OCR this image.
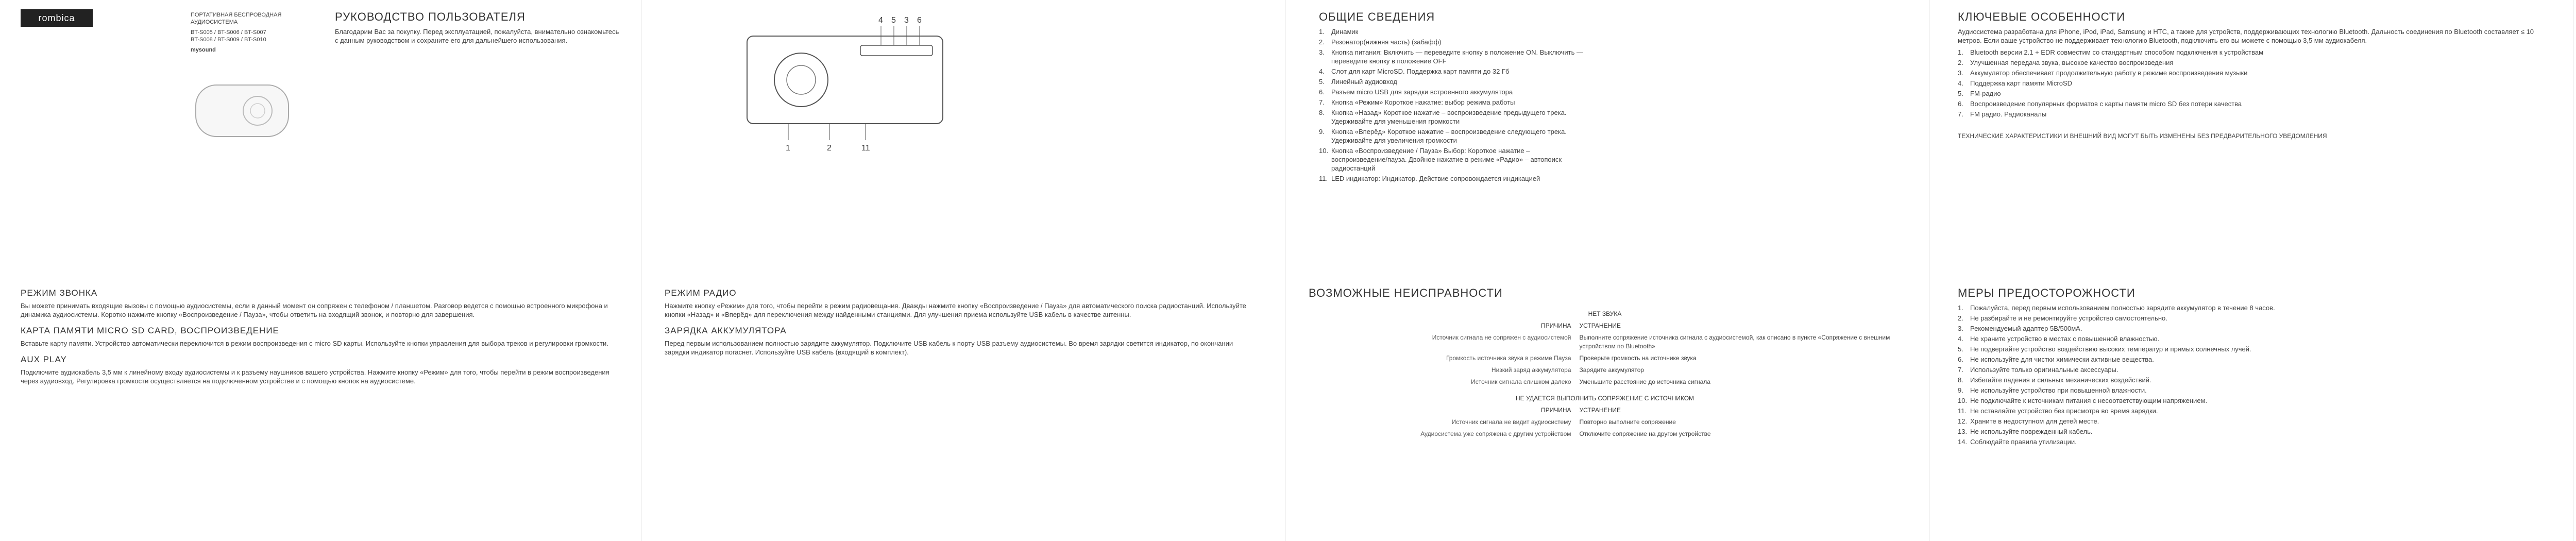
rombica	ПОРТАТИВНАЯ БЕСПРОВОДНАЯ АУДИОСИСТЕМА
BT-S005 / BT-S006 / BT-S007
BT-S008 / BT-S009 / BT-S010
mysound
РУКОВОДСТВО ПОЛЬЗОВАТЕЛЯ
Благодарим Вас за покупку. Перед эксплуатацией, пожалуйста, внимательно ознакомьтесь с данным руководством и сохраните его для дальнейшего использования.
4 5 3 6
1	2	11
ОБЩИЕ СВЕДЕНИЯ
1.	Динамик
2.	Резонатор(нижняя часть) (забафф)
3.	Кнопка питания: Включить — переведите кнопку в положение ON. Выключить — переведите кнопку в положение OFF
4.	Слот для карт MicroSD. Поддержка карт памяти до 32 Гб
5.	Линейный аудиовход
6.	Разъем micro USB для зарядки встроенного аккумулятора
7.	Кнопка «Режим» Короткое нажатие: выбор режима работы
8.	Кнопка «Назад» Короткое нажатие – воспроизведение предыдущего трека. Удерживайте для уменьшения громкости
9.	Кнопка «Вперёд» Короткое нажатие – воспроизведение следующего трека. Удерживайте для увеличения громкости
10. Кнопка «Воспроизведение / Пауза» Выбор: Короткое нажатие – воспроизведение/пауза. Двойное нажатие в режиме «Радио» – автопоиск радиостанций
11. LED индикатор: Индикатор. Действие сопровождается индикацией
КЛЮЧЕВЫЕ ОСОБЕННОСТИ
Аудиосистема разработана для iPhone, iPod, iPad, Samsung и HTC, а также для устройств, поддерживающих технологию Bluetooth. Дальность соединения по Bluetooth составляет ≤ 10 метров. Если ваше устройство не поддерживает технологию Bluetooth, подключить его вы можете с помощью 3,5 мм аудиокабеля.
1.	Bluetooth версии 2.1 + EDR совместим со стандартным способом подключения к устройствам
2.	Улучшенная передача звука, высокое качество воспроизведения
3.	Аккумулятор обеспечивает продолжительную работу в режиме воспроизведения музыки
4.	Поддержка карт памяти MicroSD
5.	FM-радио
6.	Воспроизведение популярных форматов с карты памяти micro SD без потери качества
7.	FM радио. Радиоканалы
ТЕХНИЧЕСКИЕ ХАРАКТЕРИСТИКИ И ВНЕШНИЙ ВИД МОГУТ БЫТЬ ИЗМЕНЕНЫ БЕЗ ПРЕДВАРИТЕЛЬНОГО УВЕДОМЛЕНИЯ
РЕЖИМ ЗВОНКА
Вы можете принимать входящие вызовы с помощью аудиосистемы, если в данный момент он сопряжен с телефоном / планшетом. Разговор ведется с помощью встроенного микрофона и динамика аудиосистемы. Коротко нажмите кнопку «Воспроизведение / Пауза», чтобы ответить на входящий звонок, и повторно для завершения.
КАРТА ПАМЯТИ MICRO SD CARD, ВОСПРОИЗВЕДЕНИЕ
Вставьте карту памяти. Устройство автоматически переключится в режим воспроизведения с micro SD карты. Используйте кнопки управления для выбора треков и регулировки громкости.
AUX PLAY
Подключите аудиокабель 3,5 мм к линейному входу аудиосистемы и к разъему наушников вашего устройства. Нажмите кнопку «Режим» для того, чтобы перейти в режим воспроизведения через аудиовход. Регулировка громкости осуществляется на подключенном устройстве и с помощью кнопок на аудиосистеме.
РЕЖИМ РАДИО
Нажмите кнопку «Режим» для того, чтобы перейти в режим радиовещания. Дважды нажмите кнопку «Воспроизведение / Пауза» для автоматического поиска радиостанций. Используйте кнопки «Назад» и «Вперёд» для переключения между найденными станциями. Для улучшения приема используйте USB кабель в качестве антенны.
ЗАРЯДКА АККУМУЛЯТОРА
Перед первым использованием полностью зарядите аккумулятор. Подключите USB кабель к порту USB разъему аудиосистемы. Во время зарядки светится индикатор, по окончании зарядки индикатор погаснет. Используйте USB кабель (входящий в комплект).
ВОЗМОЖНЫЕ НЕИСПРАВНОСТИ
НЕТ ЗВУКА	
ПРИЧИНА	УСТРАНЕНИЕ
Источник сигнала не сопряжен с аудиосистемой	Выполните сопряжение источника сигнала с аудиосистемой, как описано в пункте «Сопряжение с внешним устройством по Bluetooth»
Громкость источника звука в режиме Пауза	Проверьте громкость на источнике звука
Низкий заряд аккумулятора	Зарядите аккумулятор
Источник сигнала слишком далеко	Уменьшите расстояние до источника сигнала
НЕ УДАЕТСЯ ВЫПОЛНИТЬ СОПРЯЖЕНИЕ С ИСТОЧНИКОМ	
ПРИЧИНА	УСТРАНЕНИЕ
Источник сигнала не видит аудиосистему	Повторно выполните сопряжение
Аудиосистема уже сопряжена с другим устройством	Отключите сопряжение на другом устройстве
МЕРЫ ПРЕДОСТОРОЖНОСТИ
1.	Пожалуйста, перед первым использованием полностью зарядите аккумулятор в течение 8 часов.
2.	Не разбирайте и не ремонтируйте устройство самостоятельно.
3.	Рекомендуемый адаптер 5В/500мА.
4.	Не храните устройство в местах с повышенной влажностью.
5.	Не подвергайте устройство воздействию высоких температур и прямых солнечных лучей.
6.	Не используйте для чистки химически активные вещества.
7.	Используйте только оригинальные аксессуары.
8.	Избегайте падения и сильных механических воздействий.
9.	Не используйте устройство при повышенной влажности.
10. Не подключайте к источникам питания с несоответствующим напряжением.
11. Не оставляйте устройство без присмотра во время зарядки.
12. Храните в недоступном для детей месте.
13. Не используйте поврежденный кабель.
14. Соблюдайте правила утилизации.
